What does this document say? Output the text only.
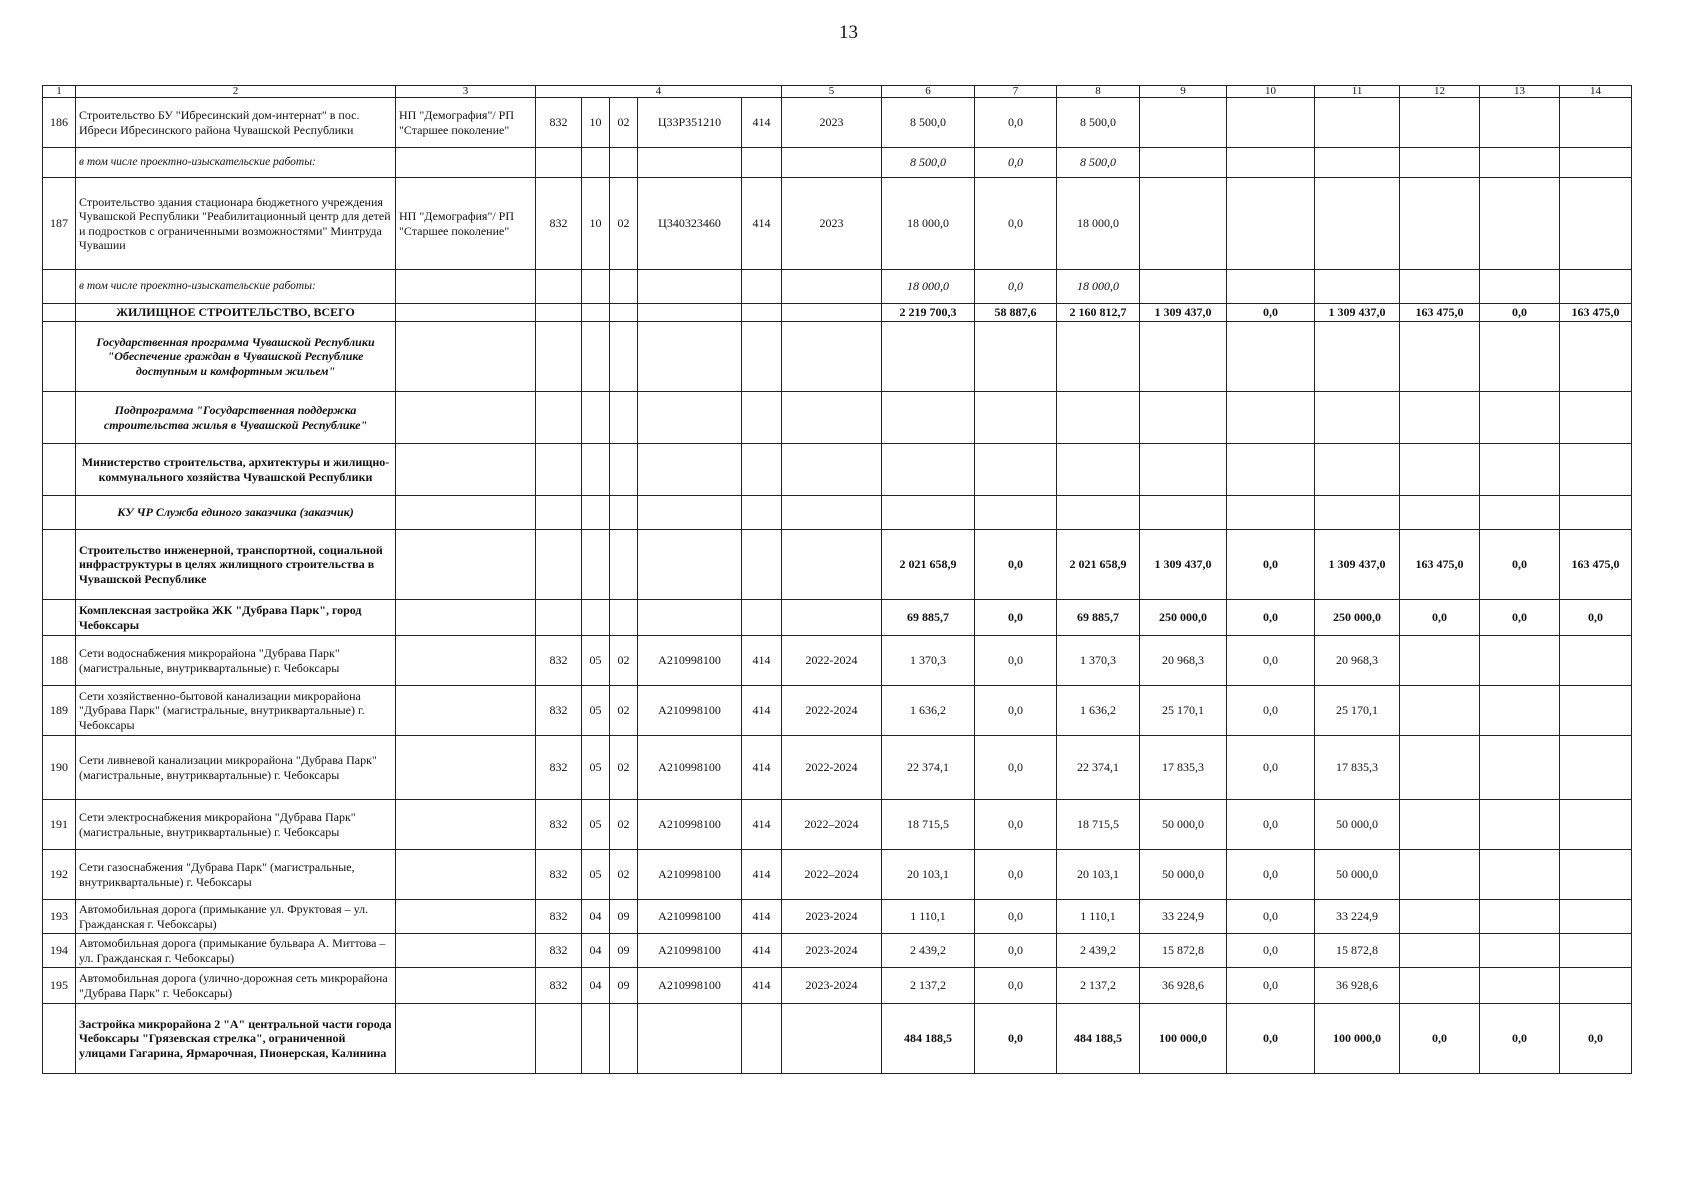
13
1	2	3	4					5	6	7	8	9	10	11	12	13	14
186	Строительство БУ "Ибресинский дом-интернат" в пос. Ибреси Ибресинского района Чувашской Республики	НП "Демография"/ РП "Старшее поколение"	832	10	02	Ц33Р351210	414	2023	8 500,0	0,0	8 500,0						
	в том числе проектно-изыскательские работы:								8 500,0	0,0	8 500,0						
187	Строительство здания стационара бюджетного учреждения Чувашской Республики "Реабилитационный центр для детей и подростков с ограниченными возможностями" Минтруда Чувашии	НП "Демография"/ РП "Старшее поколение"	832	10	02	Ц340323460	414	2023	18 000,0	0,0	18 000,0						
	в том числе проектно-изыскательские работы:								18 000,0	0,0	18 000,0						
	ЖИЛИЩНОЕ СТРОИТЕЛЬСТВО, ВСЕГО								2 219 700,3	58 887,6	2 160 812,7	1 309 437,0	0,0	1 309 437,0	163 475,0	0,0	163 475,0
	Государственная программа Чувашской Республики "Обеспечение граждан в Чувашской Республике доступным и комфортным жильем"																
	Подпрограмма "Государственная поддержка строительства жилья в Чувашской Республике"																
	Министерство строительства, архитектуры и жилищно-коммунального хозяйства Чувашской Республики																
	КУ ЧР Служба единого заказчика (заказчик)																
	Строительство инженерной, транспортной, социальной инфраструктуры в целях жилищного строительства в Чувашской Республике								2 021 658,9	0,0	2 021 658,9	1 309 437,0	0,0	1 309 437,0	163 475,0	0,0	163 475,0
	Комплексная застройка ЖК "Дубрава Парк", город Чебоксары								69 885,7	0,0	69 885,7	250 000,0	0,0	250 000,0	0,0	0,0	0,0
188	Сети водоснабжения микрорайона "Дубрава Парк" (магистральные, внутриквартальные) г. Чебоксары		832	05	02	A210998100	414	2022-2024	1 370,3	0,0	1 370,3	20 968,3	0,0	20 968,3			
189	Сети хозяйственно-бытовой канализации микрорайона "Дубрава Парк" (магистральные, внутриквартальные) г. Чебоксары		832	05	02	A210998100	414	2022-2024	1 636,2	0,0	1 636,2	25 170,1	0,0	25 170,1			
190	Сети ливневой канализации микрорайона "Дубрава Парк" (магистральные, внутриквартальные) г. Чебоксары		832	05	02	A210998100	414	2022-2024	22 374,1	0,0	22 374,1	17 835,3	0,0	17 835,3			
191	Сети электроснабжения микрорайона "Дубрава Парк" (магистральные, внутриквартальные) г. Чебоксары		832	05	02	A210998100	414	2022–2024	18 715,5	0,0	18 715,5	50 000,0	0,0	50 000,0			
192	Сети газоснабжения "Дубрава Парк" (магистральные, внутриквартальные) г. Чебоксары		832	05	02	A210998100	414	2022–2024	20 103,1	0,0	20 103,1	50 000,0	0,0	50 000,0			
193	Автомобильная дорога (примыкание ул. Фруктовая – ул. Гражданская г. Чебоксары)		832	04	09	A210998100	414	2023-2024	1 110,1	0,0	1 110,1	33 224,9	0,0	33 224,9			
194	Автомобильная дорога (примыкание бульвара А. Миттова – ул. Гражданская г. Чебоксары)		832	04	09	A210998100	414	2023-2024	2 439,2	0,0	2 439,2	15 872,8	0,0	15 872,8			
195	Автомобильная дорога (улично-дорожная сеть микрорайона "Дубрава Парк" г. Чебоксары)		832	04	09	A210998100	414	2023-2024	2 137,2	0,0	2 137,2	36 928,6	0,0	36 928,6			
	Застройка микрорайона 2 "А" центральной части города Чебоксары "Грязевская стрелка", ограниченной улицами Гагарина, Ярмарочная, Пионерская, Калинина								484 188,5	0,0	484 188,5	100 000,0	0,0	100 000,0	0,0	0,0	0,0
